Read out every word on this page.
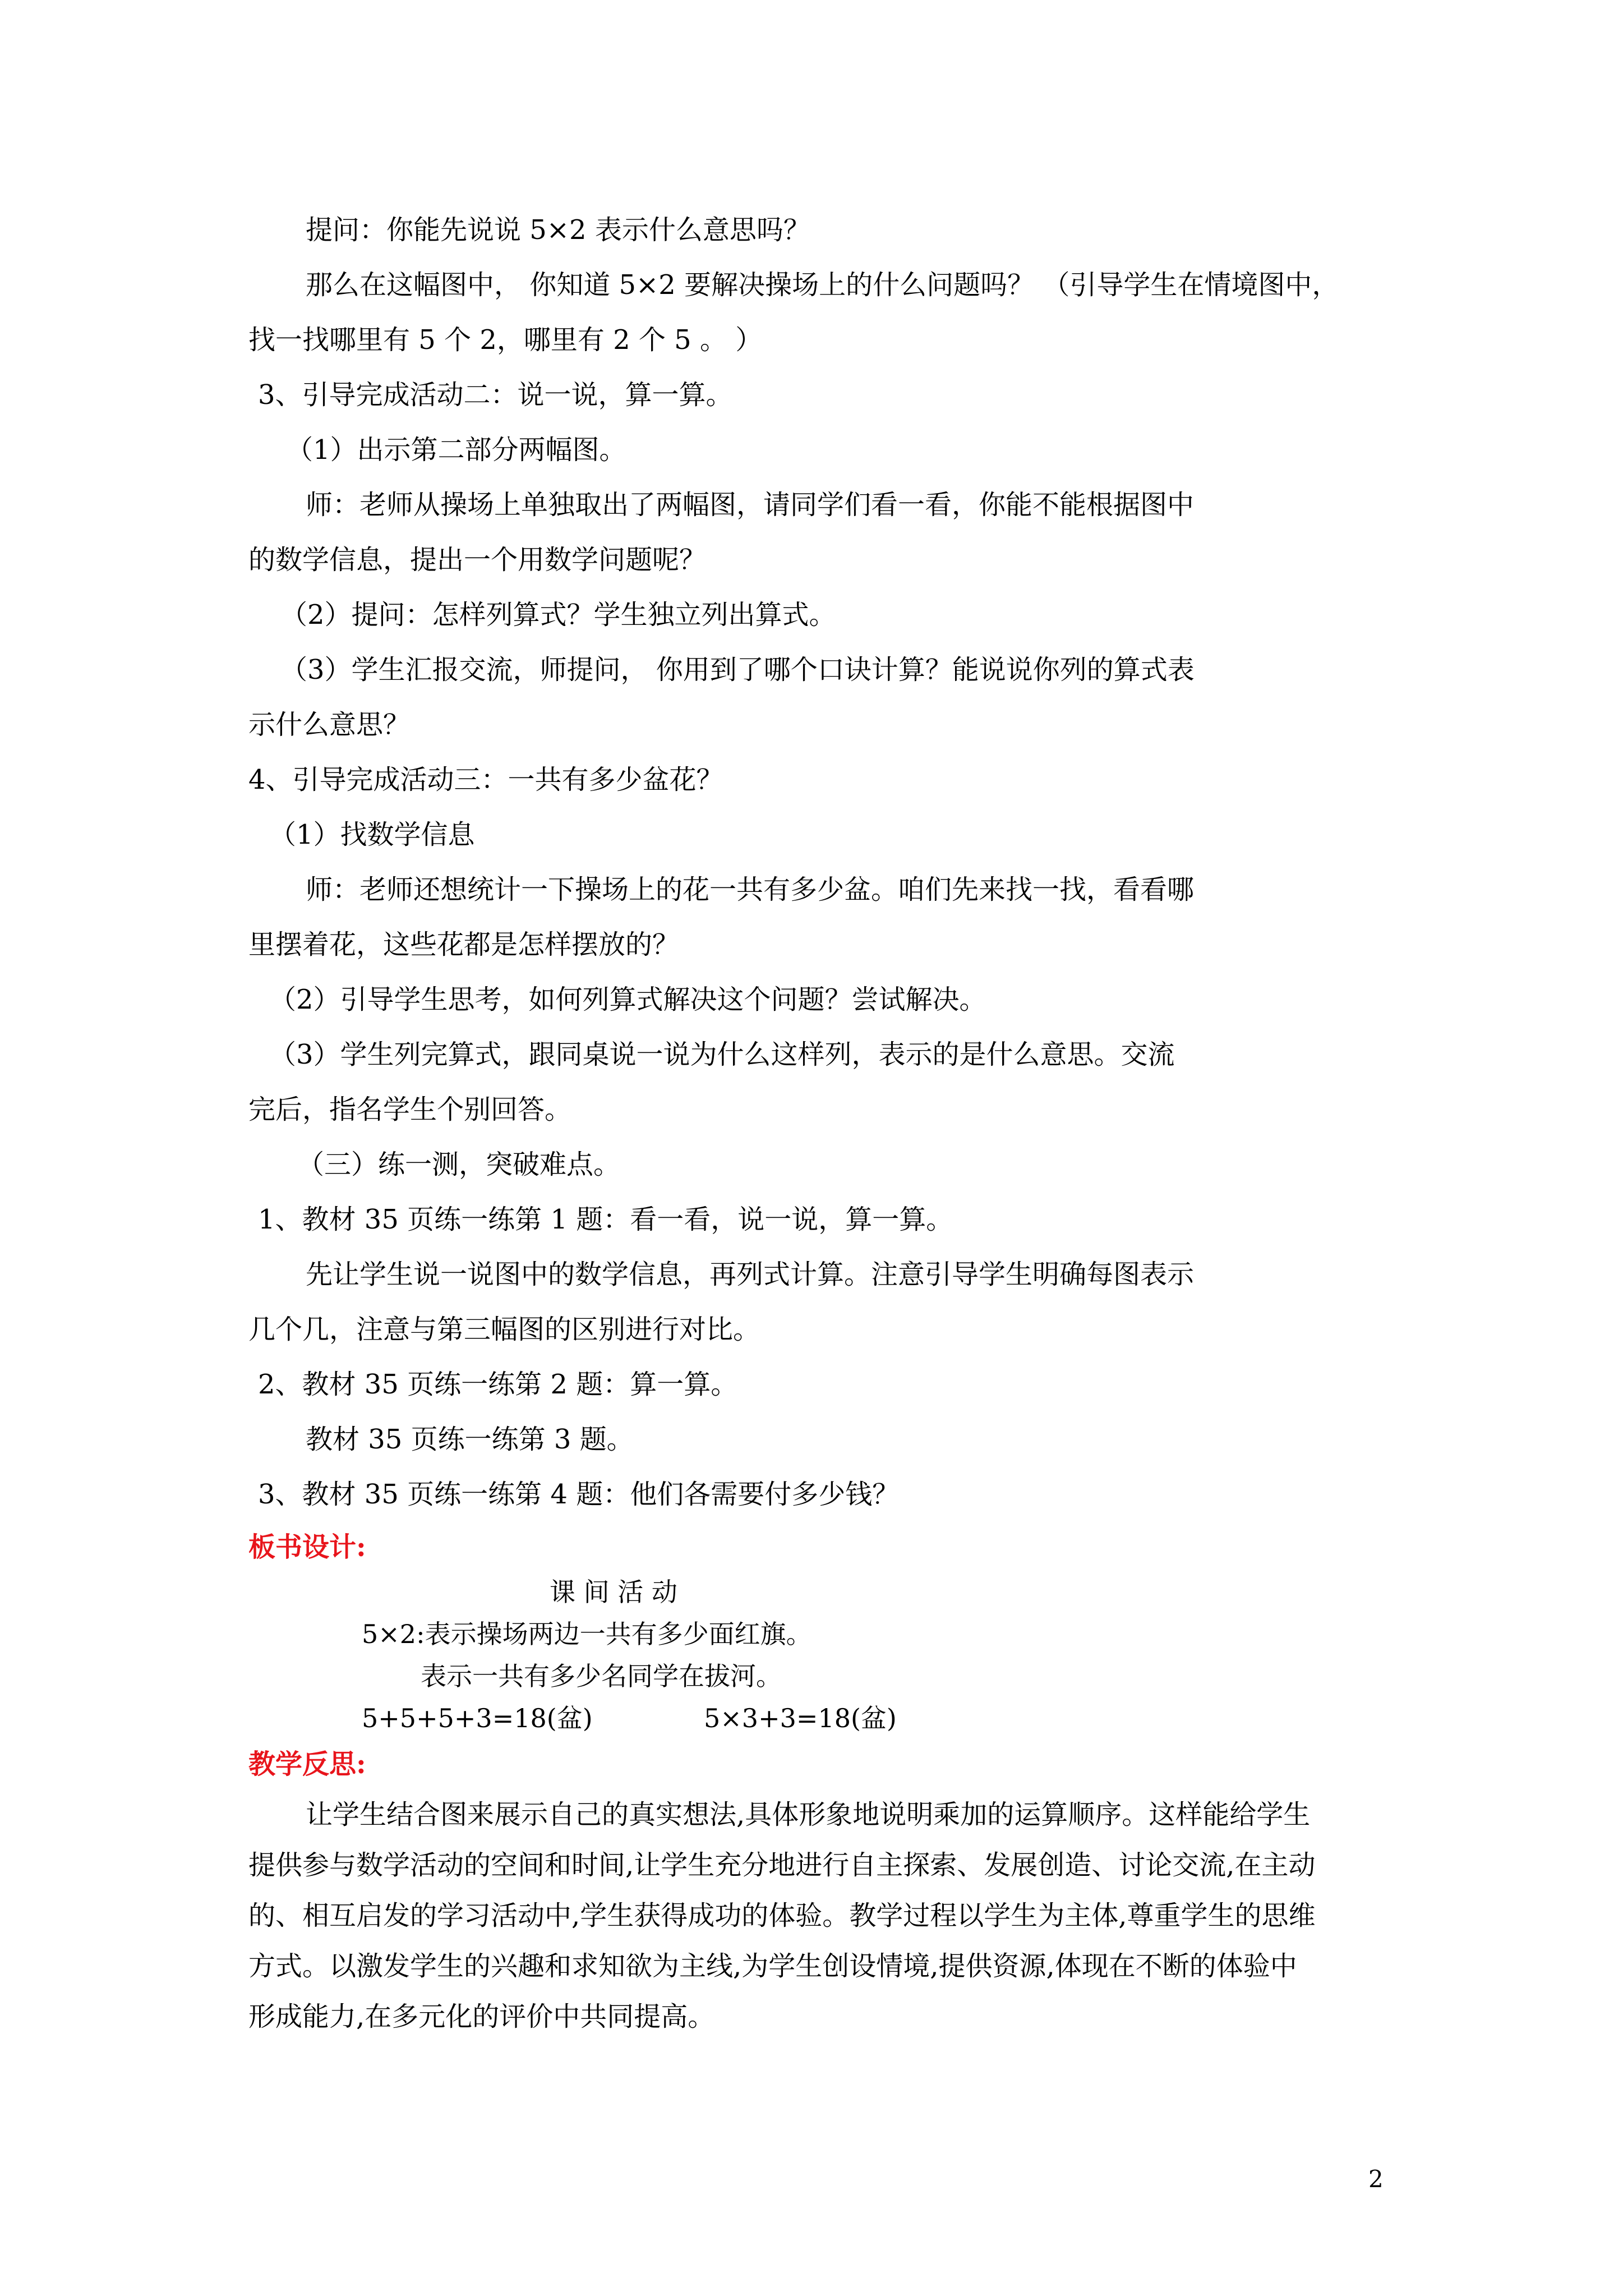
提问：你能先说说 5×2 表示什么意思吗？
那么在这幅图中， 你知道 5×2 要解决操场上的什么问题吗？ （引导学生在情境图中，
找一找哪里有 5 个 2，哪里有 2 个 5 。 ）
3、引导完成活动二：说一说，算一算。
（1）出示第二部分两幅图。
师：老师从操场上单独取出了两幅图，请同学们看一看，你能不能根据图中
的数学信息，提出一个用数学问题呢？
（2）提问：怎样列算式？学生独立列出算式。
（3）学生汇报交流，师提问， 你用到了哪个口诀计算？能说说你列的算式表
示什么意思？
4、引导完成活动三：一共有多少盆花？
（1）找数学信息
师：老师还想统计一下操场上的花一共有多少盆。咱们先来找一找，看看哪
里摆着花，这些花都是怎样摆放的？
（2）引导学生思考，如何列算式解决这个问题？尝试解决。
（3）学生列完算式，跟同桌说一说为什么这样列，表示的是什么意思。交流
完后，指名学生个别回答。
（三）练一测，突破难点。
1、教材 35 页练一练第 1 题：看一看，说一说，算一算。
先让学生说一说图中的数学信息，再列式计算。注意引导学生明确每图表示
几个几，注意与第三幅图的区别进行对比。
2、教材 35 页练一练第 2 题：算一算。
教材 35 页练一练第 3 题。
3、教材 35 页练一练第 4 题：他们各需要付多少钱？
板书设计:
课 间 活 动
5×2:表示操场两边一共有多少面红旗。
表示一共有多少名同学在拔河。
5+5+5+3=18(盆)	5×3+3=18(盆)
教学反思:
让学生结合图来展示自己的真实想法,具体形象地说明乘加的运算顺序。这样能给学生
提供参与数学活动的空间和时间,让学生充分地进行自主探索、发展创造、讨论交流,在主动
的、相互启发的学习活动中,学生获得成功的体验。教学过程以学生为主体,尊重学生的思维
方式。以激发学生的兴趣和求知欲为主线,为学生创设情境,提供资源,体现在不断的体验中
形成能力,在多元化的评价中共同提高。
2
